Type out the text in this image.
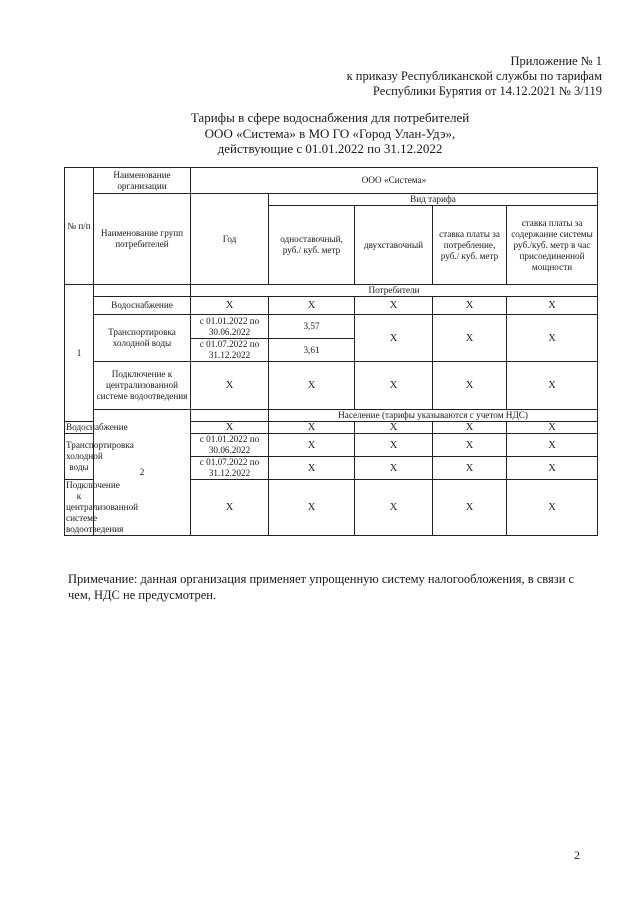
Приложение № 1
к приказу Республиканской службы по тарифам
Республики Бурятия от 14.12.2021 № 3/119
Тарифы в сфере водоснабжения для потребителей
ООО «Система» в МО ГО «Город Улан-Удэ»,
действующие с 01.01.2022 по 31.12.2022
№ п/п	Наименование организации	ООО «Система»				
	Наименование групп потребителей	Год	Вид тарифа			
			одноставочный, руб./ куб. метр	двухставочный	ставка платы за потребление, руб./ куб. метр	ставка платы за содержание системы руб./куб. метр в час присоединенной мощности
1		Потребители				
	Водоснабжение	X	X	X	X	X
	Транспортировка холодной воды	с 01.01.2022 по 30.06.2022	3,57	X	X	X
		с 01.07.2022 по 31.12.2022	3,61			
	Подключение к централизованной системе водоотведения	X	X	X	X	X
	2		Население (тарифы указываются с учетом НДС)			
Водоснабжение		X	X	X	X	X
Транспортировка холодной воды		с 01.01.2022 по 30.06.2022	X	X	X	X
		с 01.07.2022 по 31.12.2022	X	X	X	X
Подключение к централизованной системе водоотведения		X	X	X	X	X
Примечание: данная организация применяет упрощенную систему налогообложения, в связи с чем, НДС не предусмотрен.
2
